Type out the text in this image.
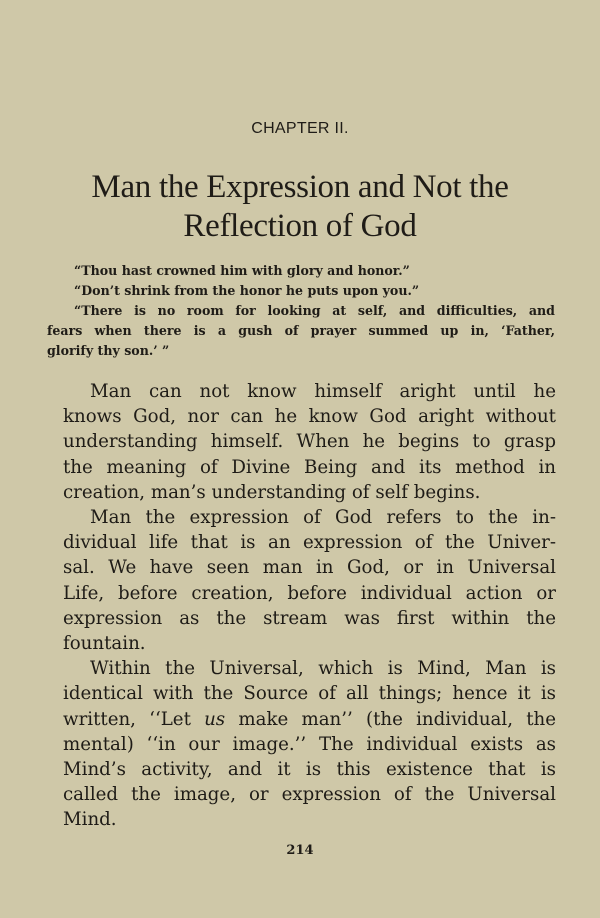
CHAPTER II.
Man the Expression and Not the
Reflection of God
“Thou hast crowned him with glory and honor.”
“Don’t shrink from the honor he puts upon you.”
“There is no room for looking at self, and difficulties, and
fears when there is a gush of prayer summed up in, ‘Father,
glorify thy son.’ ”
Man can not know himself aright until he
knows God, nor can he know God aright without
understanding himself. When he begins to grasp
the meaning of Divine Being and its method in
creation, man’s understanding of self begins.
Man the expression of God refers to the in-
dividual life that is an expression of the Univer-
sal. We have seen man in God, or in Universal
Life, before creation, before individual action or
expression as the stream was first within the
fountain.
Within the Universal, which is Mind, Man is
identical with the Source of all things; hence it is
written, ‘‘Let us make man’’ (the individual, the
mental) ‘‘in our image.’’ The individual exists as
Mind’s activity, and it is this existence that is
called the image, or expression of the Universal
Mind.
214
